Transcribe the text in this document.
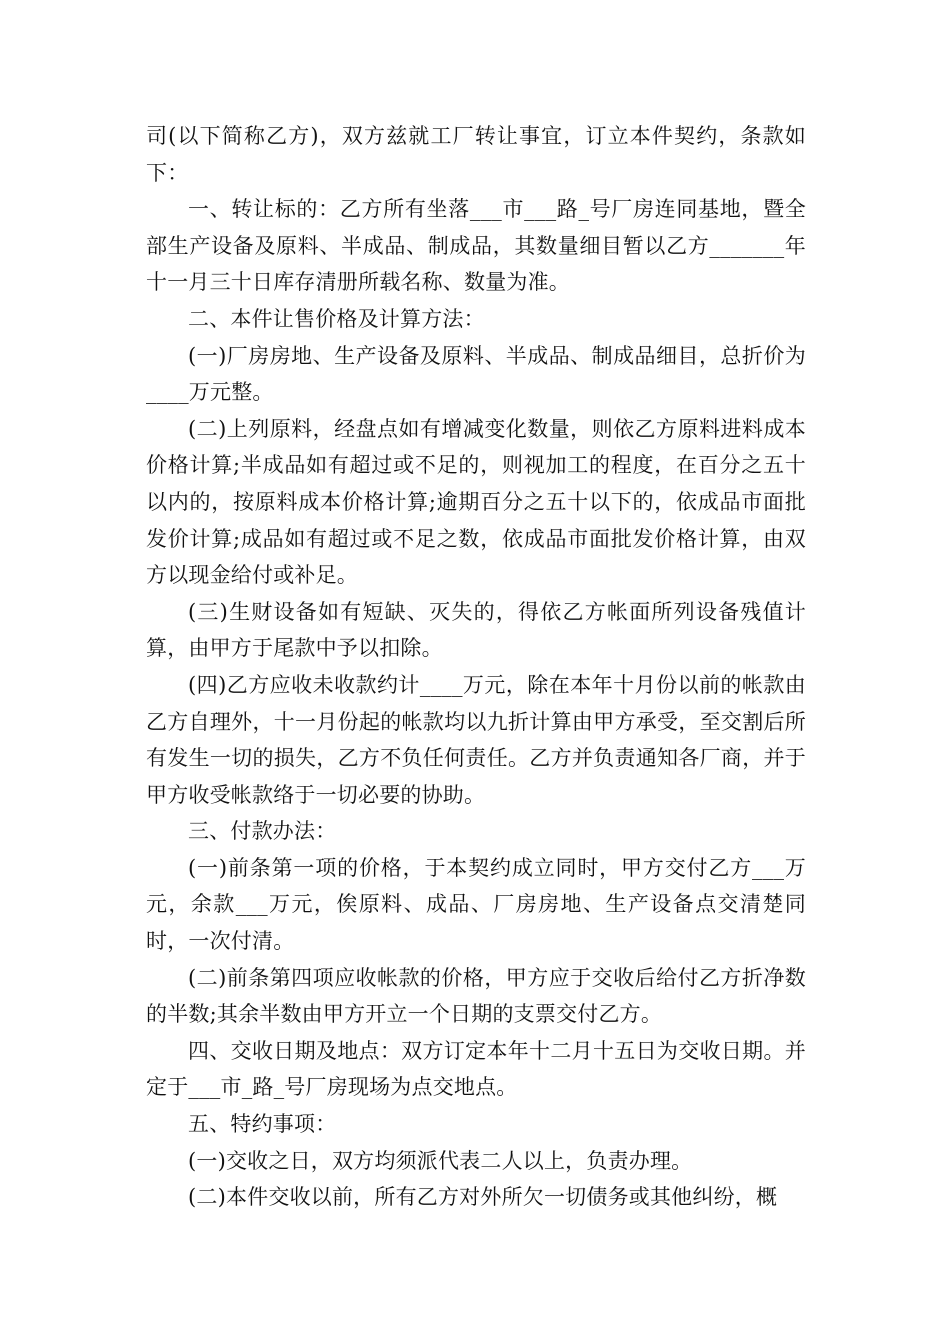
司(以下简称乙方)，双方兹就工厂转让事宜，订立本件契约，条款如下：

一、转让标的：乙方所有坐落___市___路_号厂房连同基地，暨全部生产设备及原料、半成品、制成品，其数量细目暂以乙方_______年十一月三十日库存清册所载名称、数量为准。

二、本件让售价格及计算方法：

(一)厂房房地、生产设备及原料、半成品、制成品细目，总折价为____万元整。

(二)上列原料，经盘点如有增减变化数量，则依乙方原料进料成本价格计算;半成品如有超过或不足的，则视加工的程度，在百分之五十以内的，按原料成本价格计算;逾期百分之五十以下的，依成品市面批发价计算;成品如有超过或不足之数，依成品市面批发价格计算，由双方以现金给付或补足。

(三)生财设备如有短缺、灭失的，得依乙方帐面所列设备残值计算，由甲方于尾款中予以扣除。

(四)乙方应收未收款约计____万元，除在本年十月份以前的帐款由乙方自理外，十一月份起的帐款均以九折计算由甲方承受，至交割后所有发生一切的损失，乙方不负任何责任。乙方并负责通知各厂商，并于甲方收受帐款络于一切必要的协助。

三、付款办法：

(一)前条第一项的价格，于本契约成立同时，甲方交付乙方___万元，余款___万元，俟原料、成品、厂房房地、生产设备点交清楚同时，一次付清。

(二)前条第四项应收帐款的价格，甲方应于交收后给付乙方折净数的半数;其余半数由甲方开立一个日期的支票交付乙方。

四、交收日期及地点：双方订定本年十二月十五日为交收日期。并定于___市_路_号厂房现场为点交地点。

五、特约事项：

(一)交收之日，双方均须派代表二人以上，负责办理。

(二)本件交收以前，所有乙方对外所欠一切债务或其他纠纷，概
